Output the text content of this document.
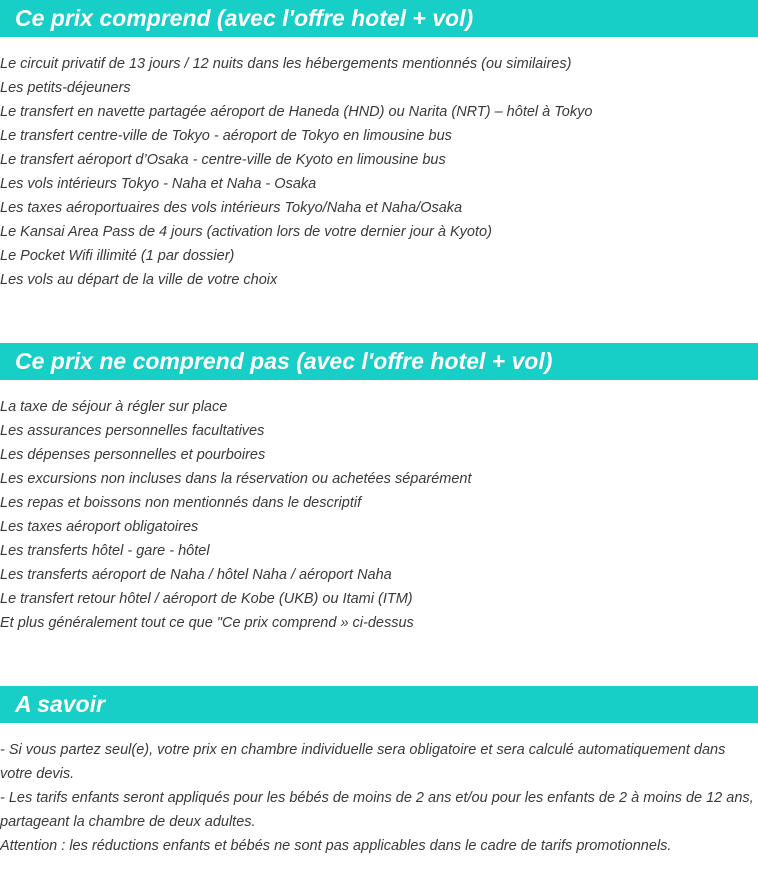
Ce prix comprend (avec l'offre hotel + vol)
Le circuit privatif de 13 jours / 12 nuits dans les hébergements mentionnés (ou similaires)
Les petits-déjeuners
Le transfert en navette partagée aéroport de Haneda (HND) ou Narita (NRT) – hôtel à Tokyo
Le transfert centre-ville de Tokyo - aéroport de Tokyo en limousine bus
Le transfert aéroport d’Osaka - centre-ville de Kyoto en limousine bus
Les vols intérieurs Tokyo - Naha et Naha - Osaka
Les taxes aéroportuaires des vols intérieurs Tokyo/Naha et Naha/Osaka
Le Kansai Area Pass de 4 jours (activation lors de votre dernier jour à Kyoto)
Le Pocket Wifi illimité (1 par dossier)
Les vols au départ de la ville de votre choix
Ce prix ne comprend pas (avec l'offre hotel + vol)
La taxe de séjour à régler sur place
Les assurances personnelles facultatives
Les dépenses personnelles et pourboires
Les excursions non incluses dans la réservation ou achetées séparément
Les repas et boissons non mentionnés dans le descriptif
Les taxes aéroport obligatoires
Les transferts hôtel - gare - hôtel
Les transferts aéroport de Naha / hôtel Naha / aéroport Naha
Le transfert retour hôtel / aéroport de Kobe (UKB) ou Itami (ITM)
Et plus généralement tout ce que "Ce prix comprend » ci-dessus
A savoir

- Si vous partez seul(e), votre prix en chambre individuelle sera obligatoire et sera calculé automatiquement dans votre devis.

- Les tarifs enfants seront appliqués pour les bébés de moins de 2 ans et/ou pour les enfants de 2 à moins de 12 ans, partageant la chambre de deux adultes.

Attention : les réductions enfants et bébés ne sont pas applicables dans le cadre de tarifs promotionnels.
